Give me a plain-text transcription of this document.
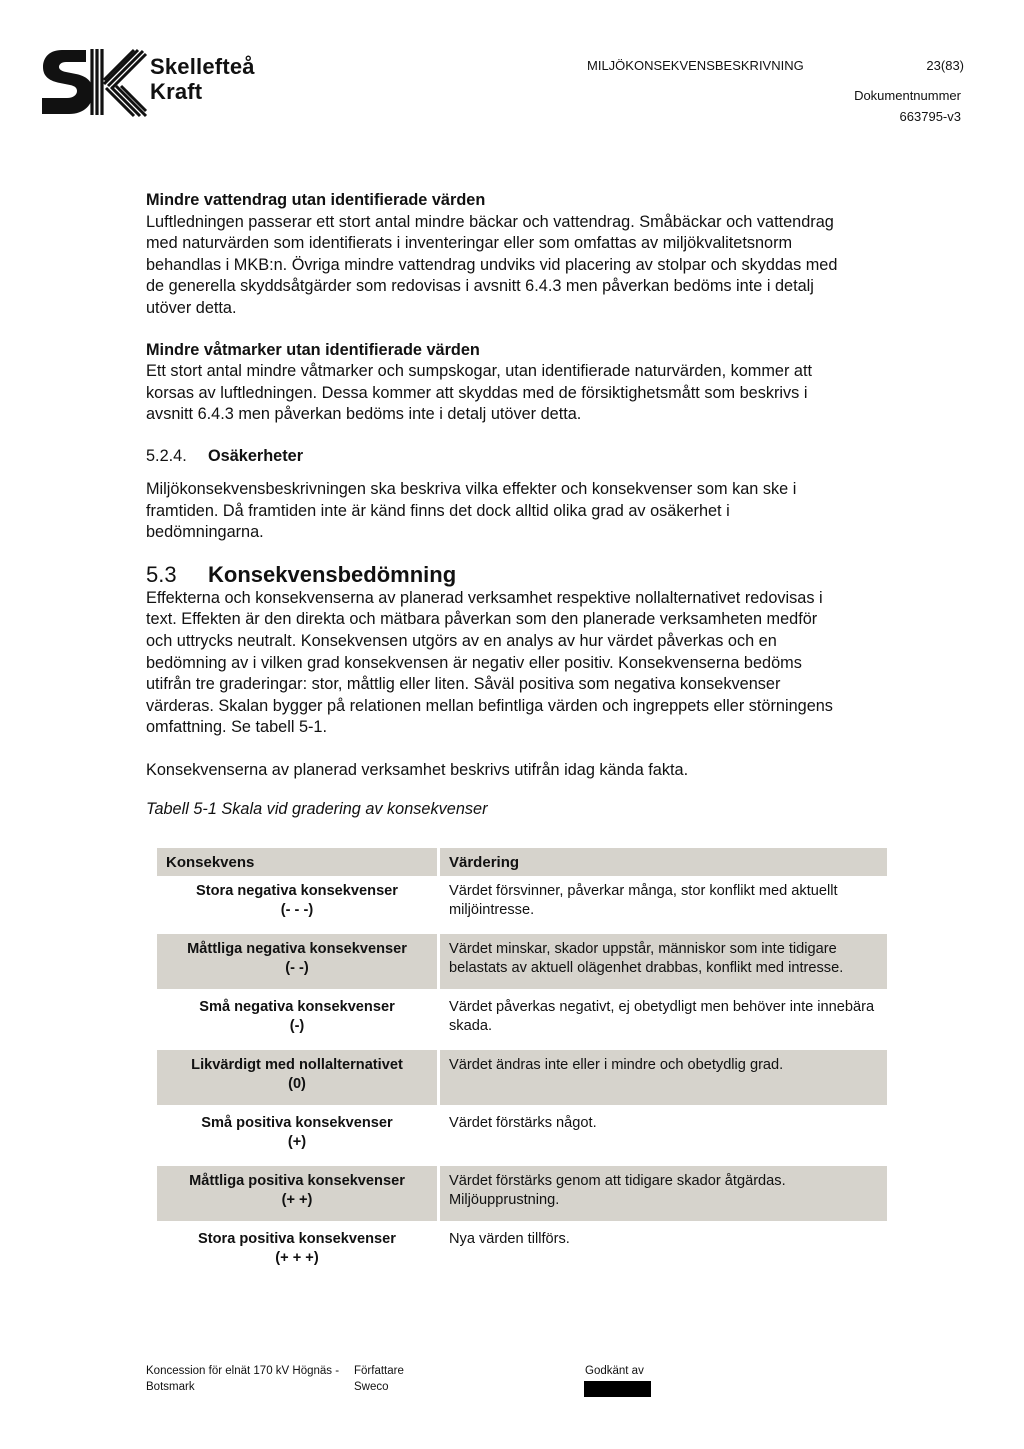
Skellefteå
Kraft
MILJÖKONSEKVENSBESKRIVNING	23(83)
Dokumentnummer
663795-v3
Mindre vattendrag utan identifierade värden

Luftledningen passerar ett stort antal mindre bäckar och vattendrag. Småbäckar och vattendrag med naturvärden som identifierats i inventeringar eller som omfattas av miljökvalitetsnorm behandlas i MKB:n. Övriga mindre vattendrag undviks vid placering av stolpar och skyddas med de generella skyddsåtgärder som redovisas i avsnitt 6.4.3 men påverkan bedöms inte i detalj utöver detta.

Mindre våtmarker utan identifierade värden

Ett stort antal mindre våtmarker och sumpskogar, utan identifierade naturvärden, kommer att korsas av luftledningen. Dessa kommer att skyddas med de försiktighetsmått som beskrivs i avsnitt 6.4.3 men påverkan bedöms inte i detalj utöver detta.

5.2.4.	Osäkerheter

Miljökonsekvensbeskrivningen ska beskriva vilka effekter och konsekvenser som kan ske i framtiden. Då framtiden inte är känd finns det dock alltid olika grad av osäkerhet i bedömningarna.

5.3	Konsekvensbedömning

Effekterna och konsekvenserna av planerad verksamhet respektive nollalternativet redovisas i text. Effekten är den direkta och mätbara påverkan som den planerade verksamheten medför och uttrycks neutralt. Konsekvensen utgörs av en analys av hur värdet påverkas och en bedömning av i vilken grad konsekvensen är negativ eller positiv. Konsekvenserna bedöms utifrån tre graderingar: stor, måttlig eller liten. Såväl positiva som negativa konsekvenser värderas. Skalan bygger på relationen mellan befintliga värden och ingreppets eller störningens omfattning. Se tabell 5-1.

Konsekvenserna av planerad verksamhet beskrivs utifrån idag kända fakta.

Tabell 5-1 Skala vid gradering av konsekvenser

Konsekvens	Värdering

Stora negativa konsekvenser
(- - -)	Värdet försvinner, påverkar många, stor konflikt med aktuellt miljöintresse.

Måttliga negativa konsekvenser
(- -)	Värdet minskar, skador uppstår, människor som inte tidigare belastats av aktuell olägenhet drabbas, konflikt med intresse.

Små negativa konsekvenser
(-)	Värdet påverkas negativt, ej obetydligt men behöver inte innebära skada.

Likvärdigt med nollalternativet
(0)	Värdet ändras inte eller i mindre och obetydlig grad.

Små positiva konsekvenser
(+)	Värdet förstärks något.

Måttliga positiva konsekvenser
(+ +)	Värdet förstärks genom att tidigare skador åtgärdas. Miljöupprustning.

Stora positiva konsekvenser
(+ + +)	Nya värden tillförs.
Koncession för elnät 170 kV Högnäs - Botsmark
Författare
Sweco
Godkänt av
